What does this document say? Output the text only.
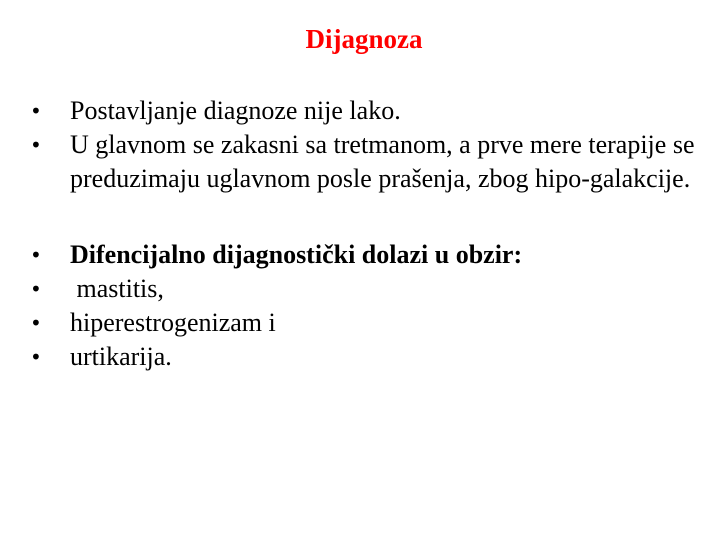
Dijagnoza
•	Postavljanje diagnoze nije lako.
•	U glavnom se zakasni sa tretmanom, a prve mere terapije se preduzimaju uglavnom posle prašenja, zbog hipo-galakcije.
•	Difencijalno dijagnostički dolazi u obzir:
•	mastitis,
•	hiperestrogenizam i
•	urtikarija.
